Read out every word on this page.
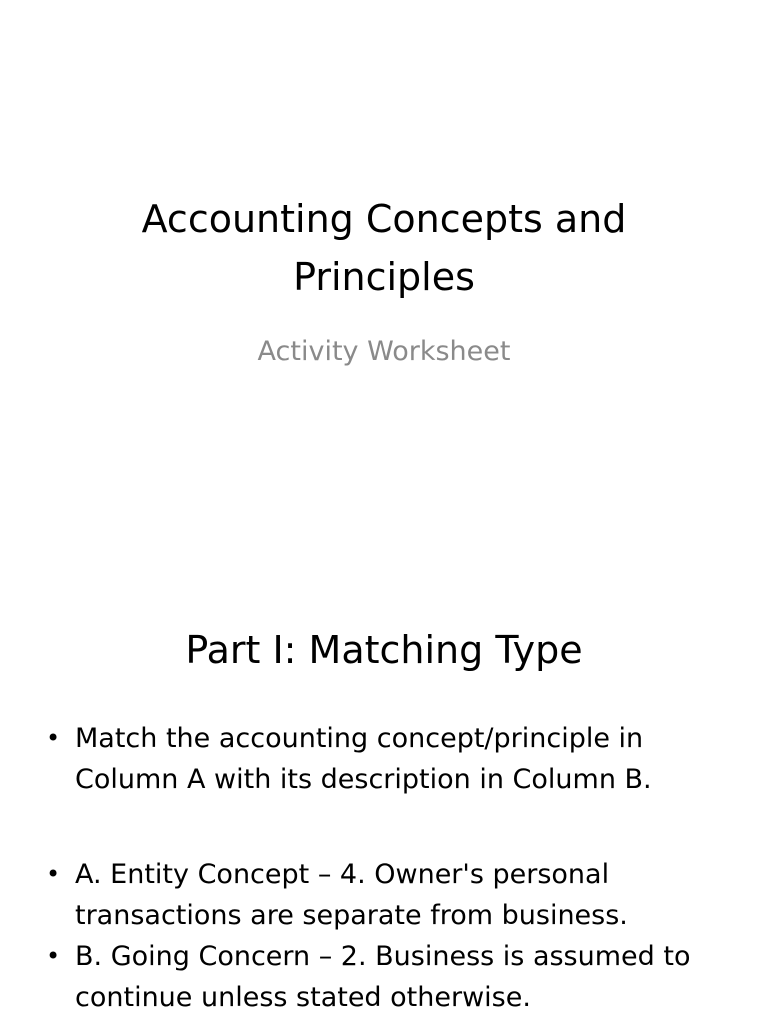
Accounting Concepts and
Principles
Activity Worksheet
Part I: Matching Type
• Match the accounting concept/principle in Column A with its description in Column B.
• A. Entity Concept – 4. Owner's personal transactions are separate from business.
• B. Going Concern – 2. Business is assumed to continue unless stated otherwise.
